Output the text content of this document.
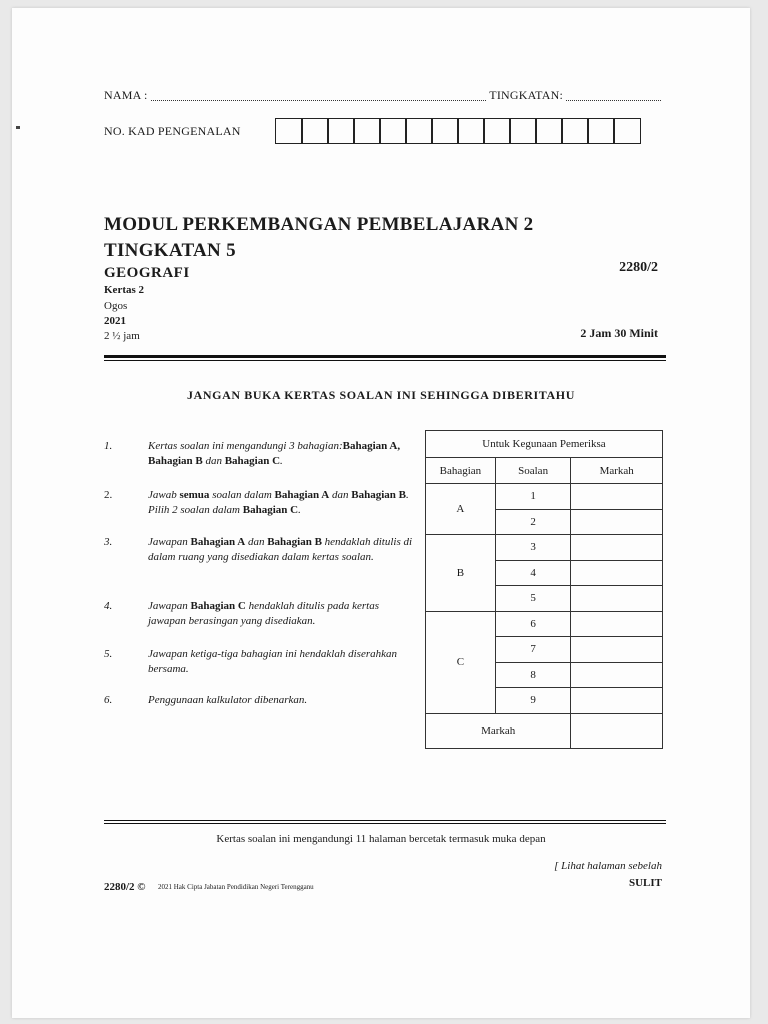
NAMA :	TINGKATAN:
NO. KAD PENGENALAN
MODUL PERKEMBANGAN PEMBELAJARAN 2
TINGKATAN 5
GEOGRAFI	2280/2
Kertas 2
Ogos
2021
2 ½ jam	2 Jam 30 Minit
JANGAN BUKA KERTAS SOALAN INI SEHINGGA DIBERITAHU
1.	Kertas soalan ini mengandungi 3 bahagian:Bahagian A, Bahagian B dan Bahagian C.
2.	Jawab semua soalan dalam Bahagian A dan Bahagian B. Pilih 2 soalan dalam Bahagian C.
3.	Jawapan Bahagian A dan Bahagian B hendaklah ditulis di dalam ruang yang disediakan dalam kertas soalan.
4.	Jawapan Bahagian C hendaklah ditulis pada kertas jawapan berasingan yang disediakan.
5.	Jawapan ketiga-tiga bahagian ini hendaklah diserahkan bersama.
6.	Penggunaan kalkulator dibenarkan.
Untuk Kegunaan Pemeriksa		
Bahagian	Soalan	Markah
A	1	
	2	
B	3	
	4	
	5	
C	6	
	7	
	8	
	9	
Markah		
Kertas soalan ini mengandungi 11 halaman bercetak termasuk muka depan
[ Lihat halaman sebelah
2280/2 © 2021 Hak Cipta Jabatan Pendidikan Negeri Terengganu	SULIT
